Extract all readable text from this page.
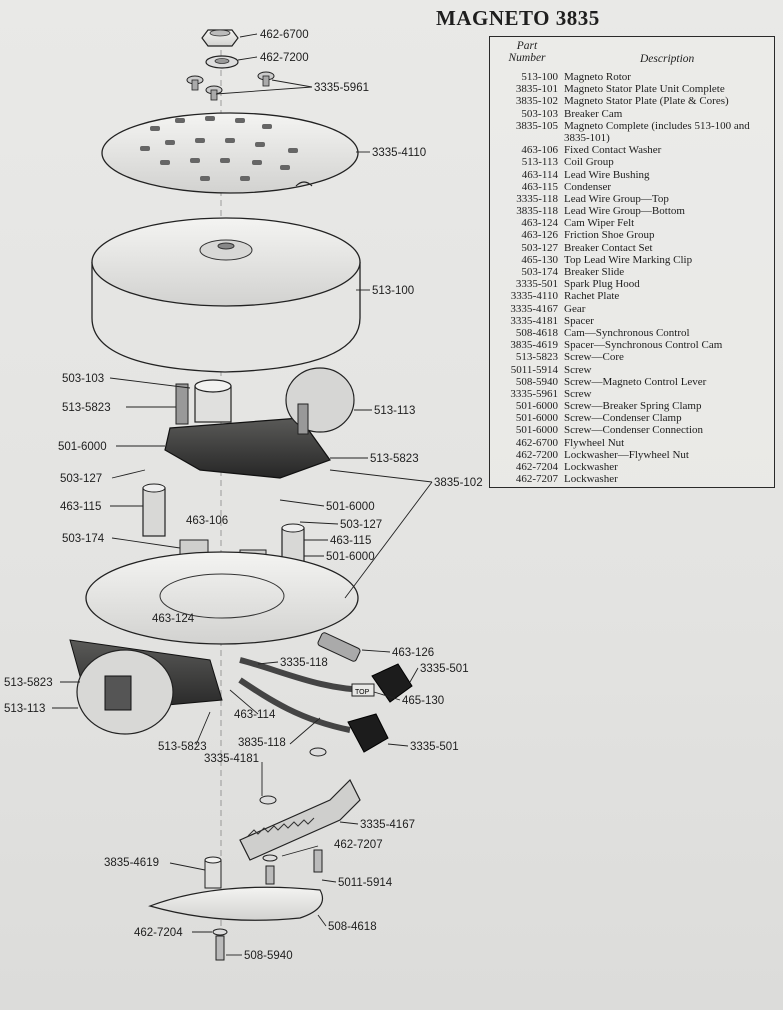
MAGNETO 3835
Part Number	Description
513-100 Magneto Rotor
3835-101 Magneto Stator Plate Unit Complete
3835-102 Magneto Stator Plate (Plate & Cores)
503-103 Breaker Cam
3835-105 Magneto Complete (includes 513-100 and 3835-101)
463-106 Fixed Contact Washer
513-113 Coil Group
463-114 Lead Wire Bushing
463-115 Condenser
3335-118 Lead Wire Group—Top
3835-118 Lead Wire Group—Bottom
463-124 Cam Wiper Felt
463-126 Friction Shoe Group
503-127 Breaker Contact Set
465-130 Top Lead Wire Marking Clip
503-174 Breaker Slide
3335-501 Spark Plug Hood
3335-4110 Rachet Plate
3335-4167 Gear
3335-4181 Spacer
508-4618 Cam—Synchronous Control
3835-4619 Spacer—Synchronous Control Cam
513-5823 Screw—Core
5011-5914 Screw
508-5940 Screw—Magneto Control Lever
3335-5961 Screw
501-6000 Screw—Breaker Spring Clamp
501-6000 Screw—Condenser Clamp
501-6000 Screw—Condenser Connection
462-6700 Flywheel Nut
462-7200 Lockwasher—Flywheel Nut
462-7204 Lockwasher
462-7207 Lockwasher
TOP
462-6700
462-7200
3335-5961
3335-4110
513-100
503-103
513-5823	513-113
501-6000
513-5823
503-127	3835-102
463-115	501-6000
463-106	503-127
503-174	463-115
501-6000
463-124
463-126
3335-118	3335-501
513-5823
465-130
513-113	463-114
3835-118	3335-501
513-5823
3335-4181
3335-4167
462-7207
3835-4619
5011-5914
508-4618
462-7204
508-5940
